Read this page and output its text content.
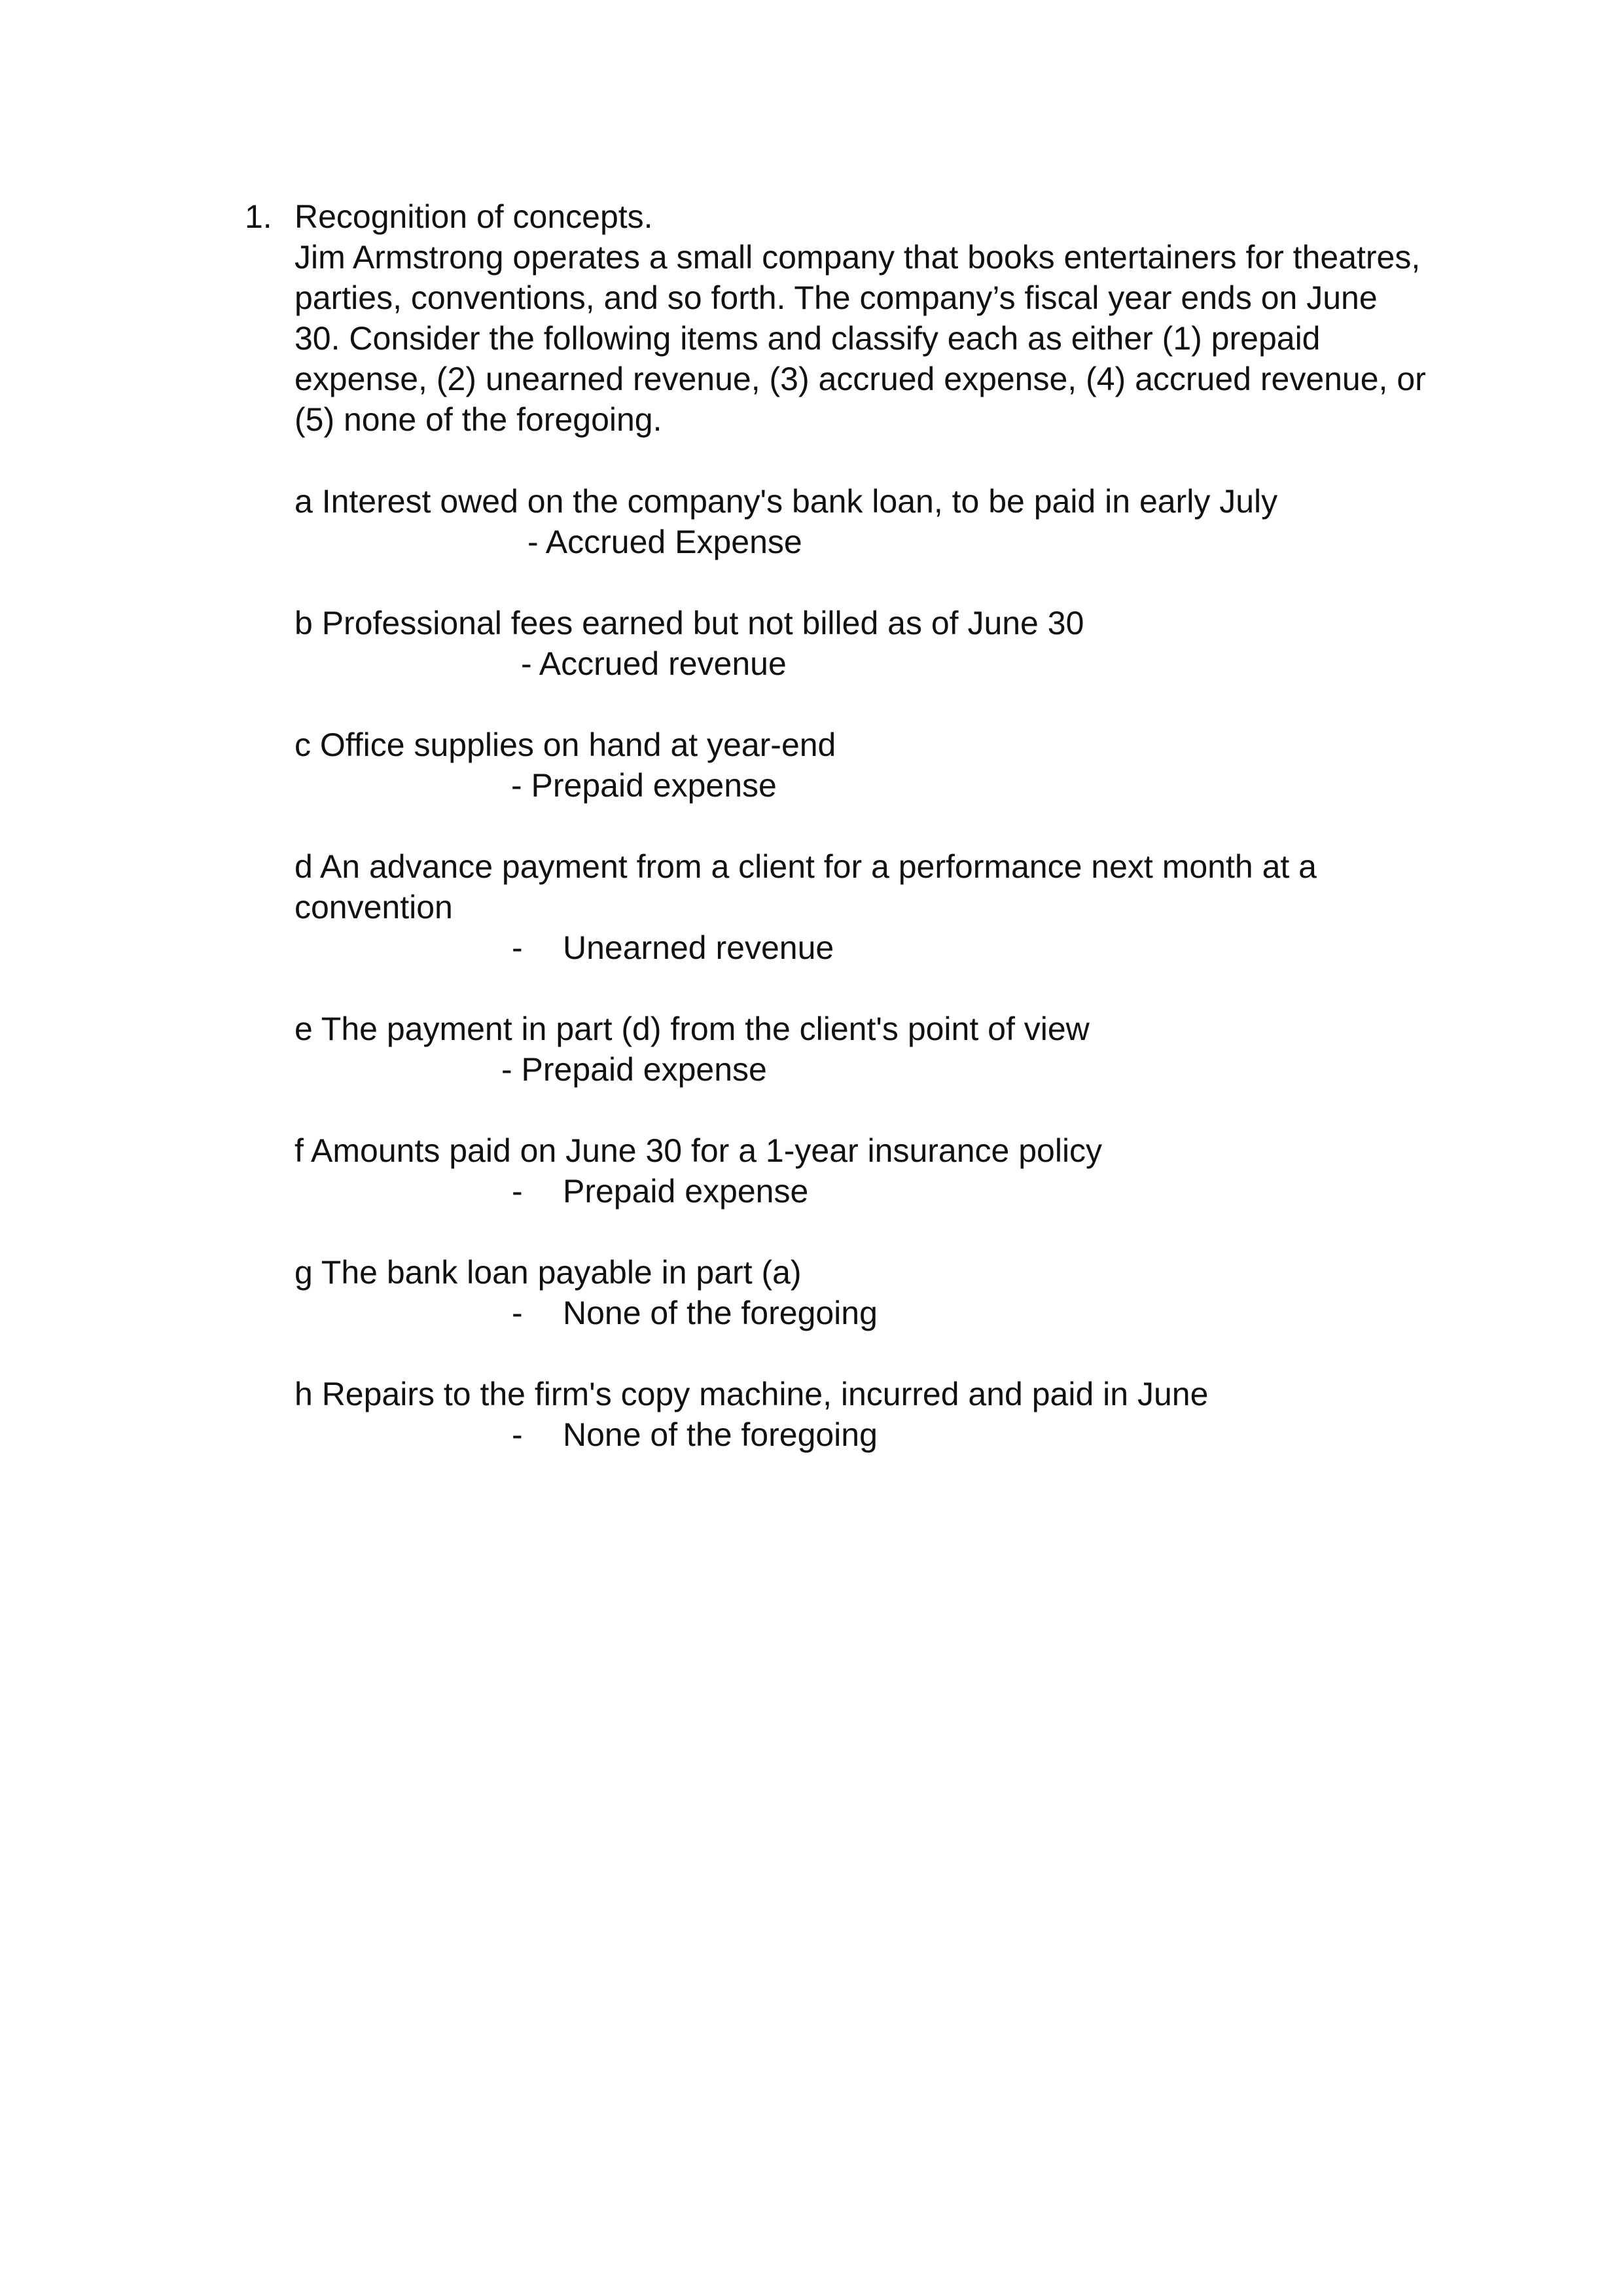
1. Recognition of concepts.
Jim Armstrong operates a small company that books entertainers for theatres,
parties, conventions, and so forth. The company’s fiscal year ends on June
30. Consider the following items and classify each as either (1) prepaid
expense, (2) unearned revenue, (3) accrued expense, (4) accrued revenue, or
(5) none of the foregoing.
a Interest owed on the company's bank loan, to be paid in early July
- Accrued Expense
b Professional fees earned but not billed as of June 30
- Accrued revenue
c Office supplies on hand at year-end
- Prepaid expense
d An advance payment from a client for a performance next month at a
convention
- Unearned revenue
e The payment in part (d) from the client's point of view
- Prepaid expense
f Amounts paid on June 30 for a 1-year insurance policy
- Prepaid expense
g The bank loan payable in part (a)
- None of the foregoing
h Repairs to the firm's copy machine, incurred and paid in June
- None of the foregoing
